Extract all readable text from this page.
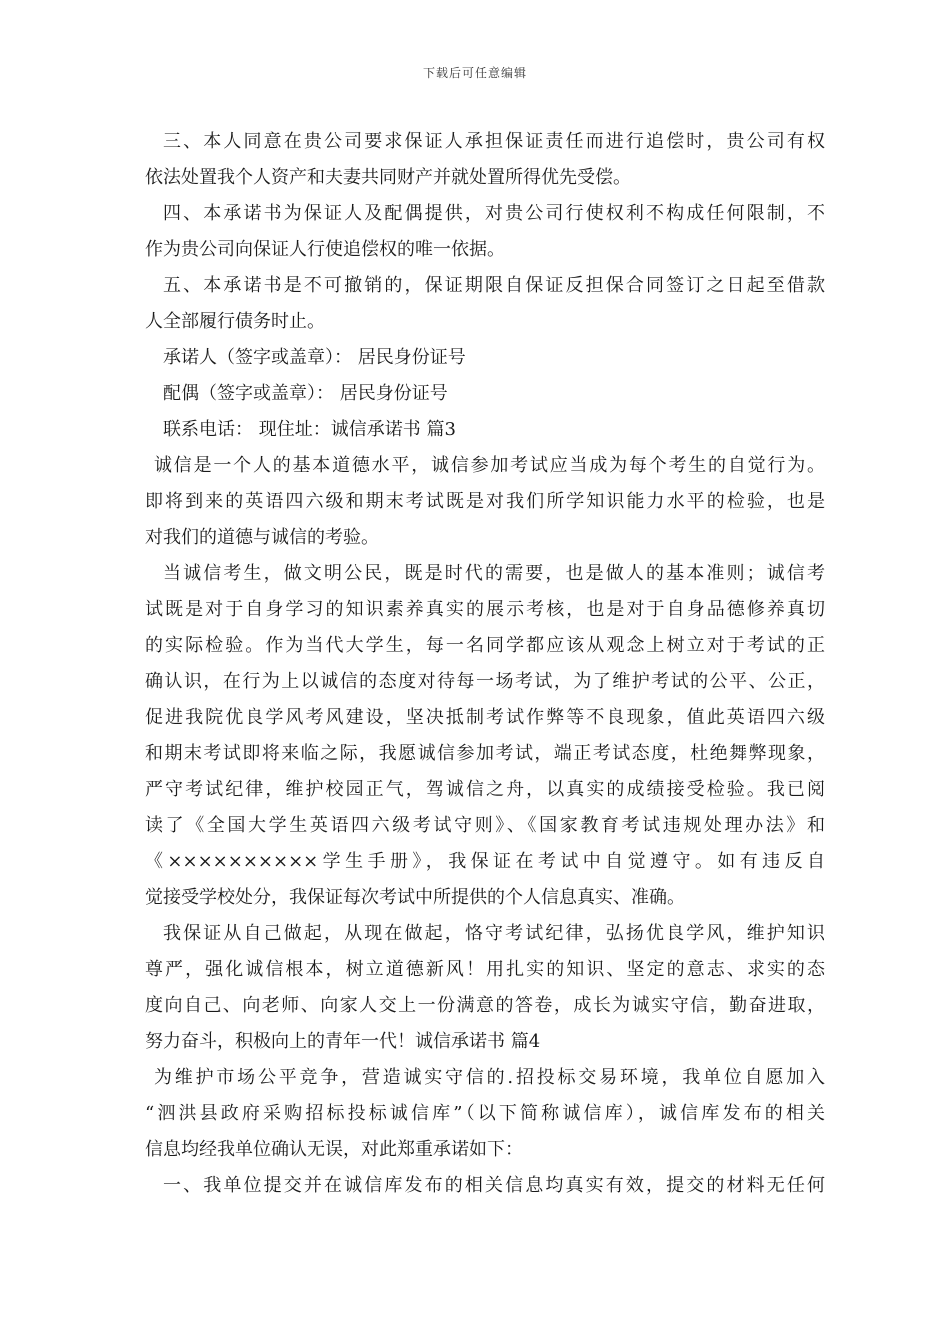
下载后可任意编辑
三、本人同意在贵公司要求保证人承担保证责任而进行追偿时，贵公司有权
依法处置我个人资产和夫妻共同财产并就处置所得优先受偿。
四、本承诺书为保证人及配偶提供，对贵公司行使权利不构成任何限制，不
作为贵公司向保证人行使追偿权的唯一依据。
五、本承诺书是不可撤销的，保证期限自保证反担保合同签订之日起至借款
人全部履行债务时止。
承诺人（签字或盖章）： 居民身份证号
配偶（签字或盖章）： 居民身份证号
联系电话： 现住址：诚信承诺书 篇3
诚信是一个人的基本道德水平，诚信参加考试应当成为每个考生的自觉行为。
即将到来的英语四六级和期末考试既是对我们所学知识能力水平的检验，也是
对我们的道德与诚信的考验。
当诚信考生，做文明公民，既是时代的需要，也是做人的基本准则；诚信考
试既是对于自身学习的知识素养真实的展示考核，也是对于自身品德修养真切
的实际检验。作为当代大学生，每一名同学都应该从观念上树立对于考试的正
确认识，在行为上以诚信的态度对待每一场考试，为了维护考试的公平、公正，
促进我院优良学风考风建设，坚决抵制考试作弊等不良现象，值此英语四六级
和期末考试即将来临之际，我愿诚信参加考试，端正考试态度，杜绝舞弊现象，
严守考试纪律，维护校园正气，驾诚信之舟，以真实的成绩接受检验。我已阅
读了《全国大学生英语四六级考试守则》、《国家教育考试违规处理办法》和
《××××××××××学生手册》，我保证在考试中自觉遵守。如有违反自
觉接受学校处分，我保证每次考试中所提供的个人信息真实、准确。
我保证从自己做起，从现在做起，恪守考试纪律，弘扬优良学风，维护知识
尊严，强化诚信根本，树立道德新风！用扎实的知识、坚定的意志、求实的态
度向自己、向老师、向家人交上一份满意的答卷，成长为诚实守信，勤奋进取，
努力奋斗，积极向上的青年一代！诚信承诺书 篇4
为维护市场公平竞争，营造诚实守信的.招投标交易环境，我单位自愿加入
“泗洪县政府采购招标投标诚信库”（以下简称诚信库），诚信库发布的相关
信息均经我单位确认无误，对此郑重承诺如下：
一、我单位提交并在诚信库发布的相关信息均真实有效，提交的材料无任何
